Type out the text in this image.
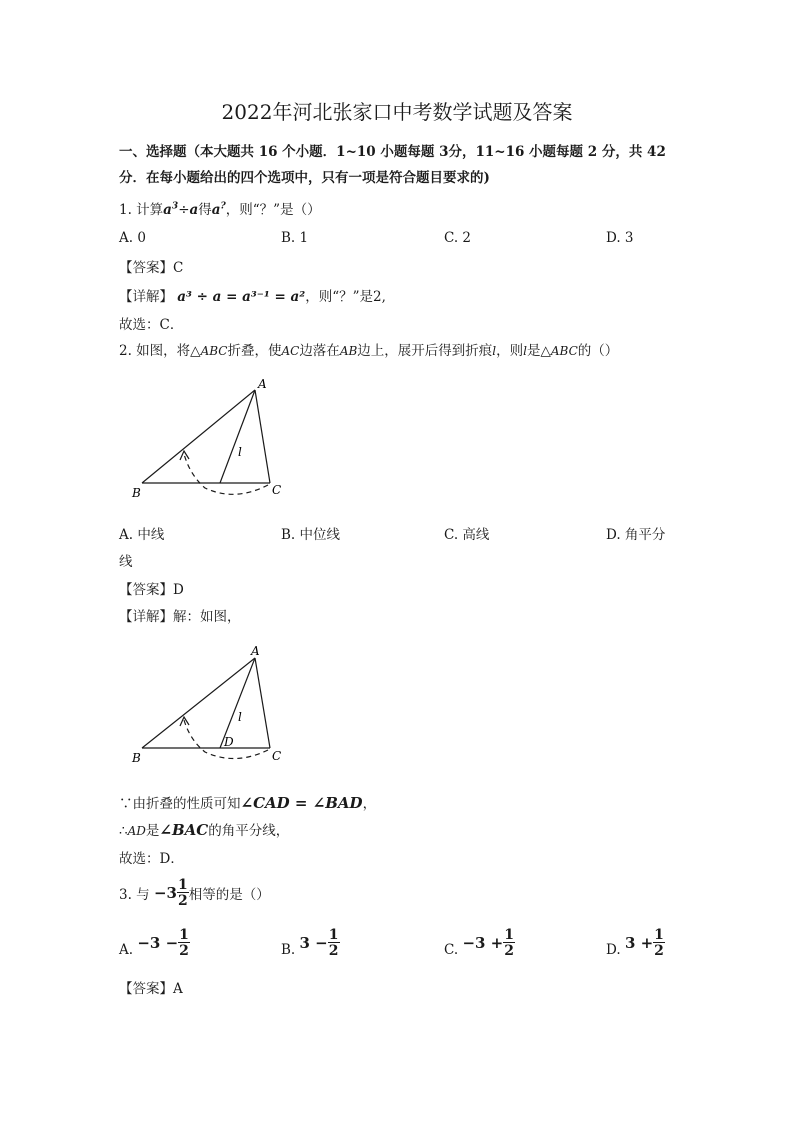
2022年河北张家口中考数学试题及答案
一、选择题（本大题共 16 个小题．1~10 小题每题 3分，11~16 小题每题 2 分，共 42
分．在每小题给出的四个选项中，只有一项是符合题目要求的)
1. 计算$a^3\div a$得a?，则“？”是（）
A. 0	B. 1	C. 2	D. 3
【答案】C
【详解】 a³ ÷ a = a³⁻¹ = a²，则“？”是2,
故选：C．
2. 如图，将△ABC折叠，使AC边落在AB边上，展开后得到折痕l，则l是△ABC的（）
A
B	C
l
A. 中线	B. 中位线	C. 高线	D. 角平分
线
【答案】D
【详解】解：如图，
A
B	C
l
D
∵由折叠的性质可知∠CAD = ∠BAD，
∴AD是∠BAC的角平分线，
故选：D．
3. 与 $-3 \frac{1}{2}$ 相等的是（）
A. $-3 - \frac{1}{2}$	B. $3 - \frac{1}{2}$	C. $-3 + \frac{1}{2}$	D. $3 + \frac{1}{2}$
【答案】A
